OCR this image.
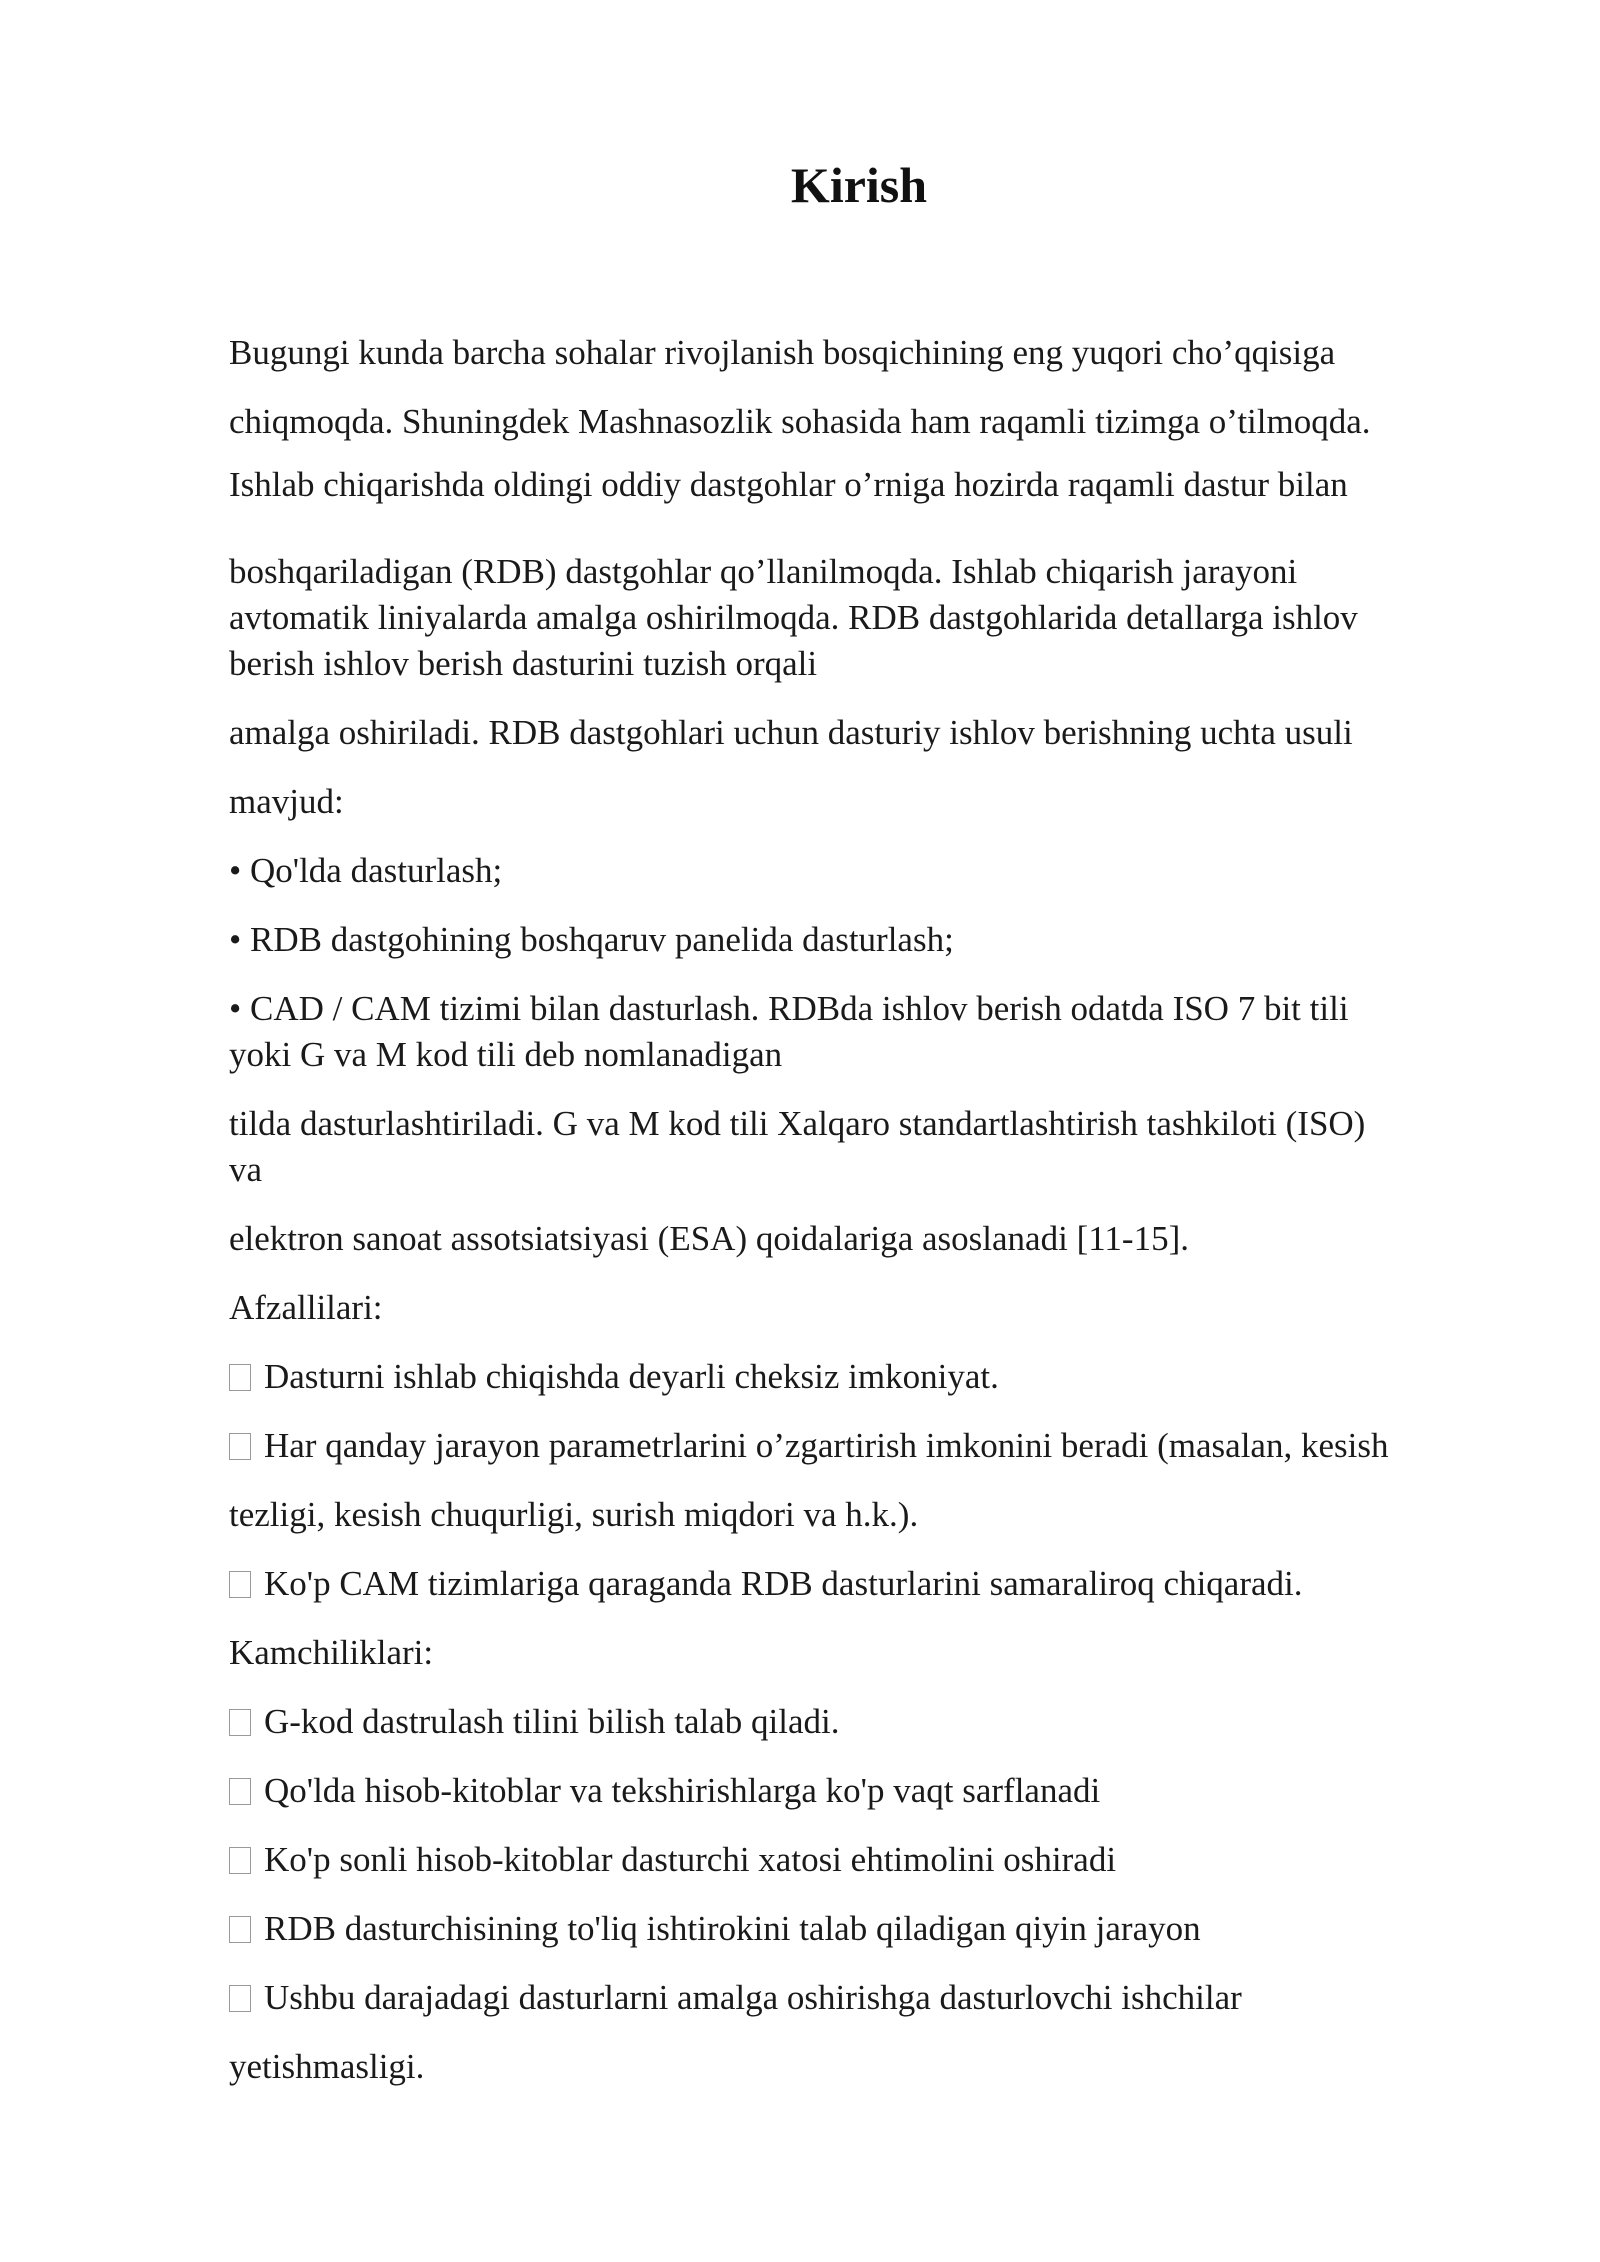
Kirish

Bugungi kunda barcha sohalar rivojlanish bosqichining eng yuqori cho’qqisiga

chiqmoqda. Shuningdek Mashnasozlik sohasida ham raqamli tizimga o’tilmoqda.

Ishlab chiqarishda oldingi oddiy dastgohlar o’rniga hozirda raqamli dastur bilan

boshqariladigan (RDB) dastgohlar qo’llanilmoqda. Ishlab chiqarish jarayoni

avtomatik liniyalarda amalga oshirilmoqda. RDB dastgohlarida detallarga ishlov

berish ishlov berish dasturini tuzish orqali

amalga oshiriladi. RDB dastgohlari uchun dasturiy ishlov berishning uchta usuli

mavjud:

• Qo'lda dasturlash;

• RDB dastgohining boshqaruv panelida dasturlash;

• CAD / CAM tizimi bilan dasturlash. RDBda ishlov berish odatda ISO 7 bit tili

yoki G va M kod tili deb nomlanadigan

tilda dasturlashtiriladi. G va M kod tili Xalqaro standartlashtirish tashkiloti (ISO)

va

elektron sanoat assotsiatsiyasi (ESA) qoidalariga asoslanadi [11-15].

Afzallilari:

Dasturni ishlab chiqishda deyarli cheksiz imkoniyat.

Har qanday jarayon parametrlarini o’zgartirish imkonini beradi (masalan, kesish

tezligi, kesish chuqurligi, surish miqdori va h.k.).

Ko'p CAM tizimlariga qaraganda RDB dasturlarini samaraliroq chiqaradi.

Kamchiliklari:

G-kod dastrulash tilini bilish talab qiladi.

Qo'lda hisob-kitoblar va tekshirishlarga ko'p vaqt sarflanadi

Ko'p sonli hisob-kitoblar dasturchi xatosi ehtimolini oshiradi

RDB dasturchisining to'liq ishtirokini talab qiladigan qiyin jarayon

Ushbu darajadagi dasturlarni amalga oshirishga dasturlovchi ishchilar

yetishmasligi.
